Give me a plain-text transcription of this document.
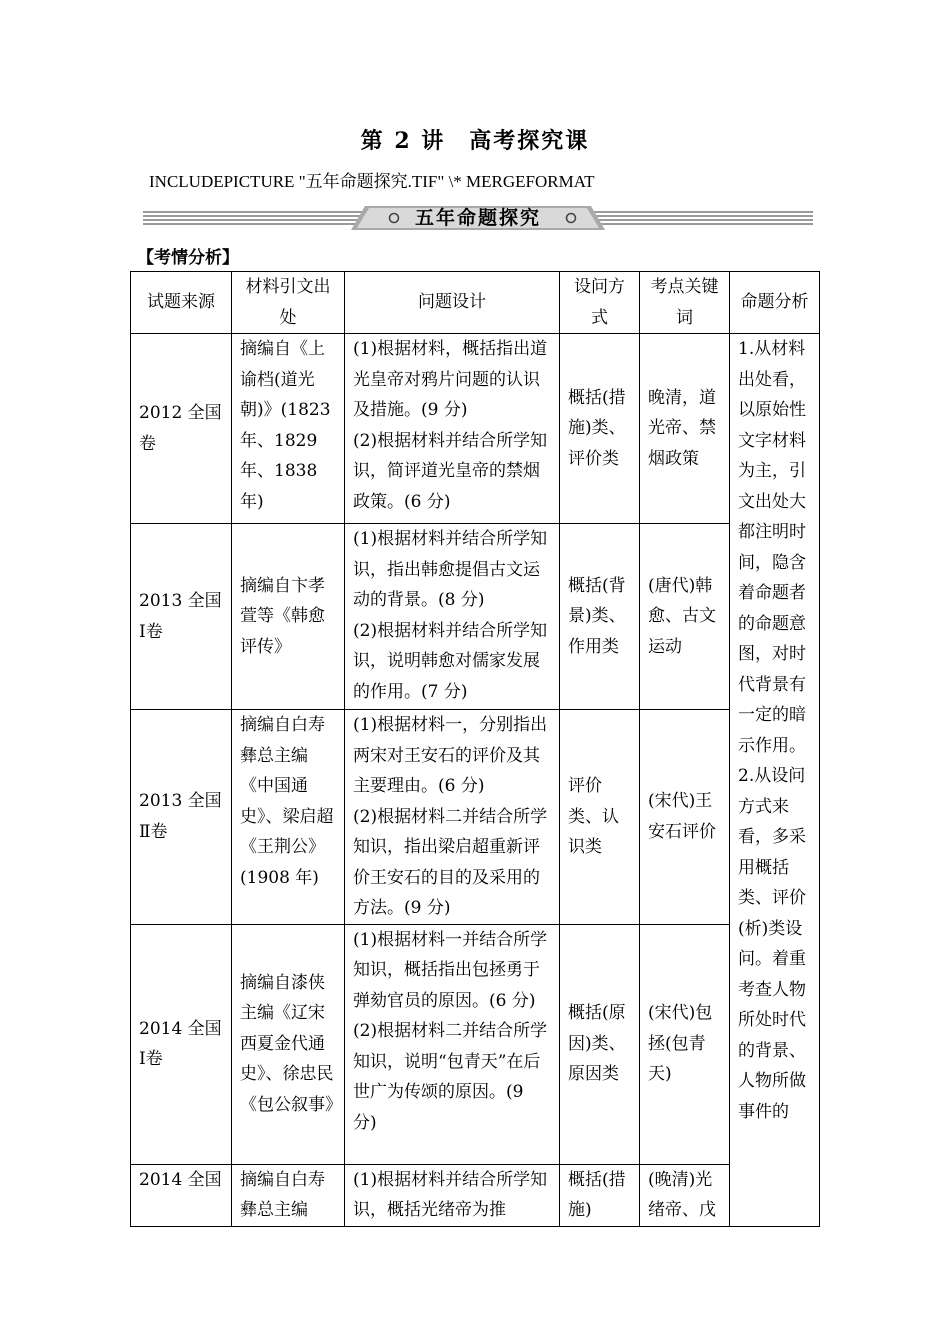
第 2 讲　高考探究课
INCLUDEPICTURE "五年命题探究.TIF" \* MERGEFORMAT
五年命题探究
【考情分析】
试题来源	材料引文出处	问题设计	设问方式	考点关键词	命题分析
2012 全国卷	摘编自《上谕档(道光朝)》(1823 年、1829 年、1838 年)	(1)根据材料，概括指出道光皇帝对鸦片问题的认识及措施。(9 分)
(2)根据材料并结合所学知识，简评道光皇帝的禁烟政策。(6 分)	概括(措施)类、评价类	晚清，道光帝、禁烟政策	1.从材料出处看，以原始性文字材料为主，引文出处大都注明时间，隐含着命题者的命题意图，对时代背景有一定的暗示作用。2.从设问方式来看，多采用概括类、评价(析)类设问。着重考查人物所处时代的背景、人物所做事件的
2013 全国Ⅰ卷	摘编自卞孝萱等《韩愈评传》	(1)根据材料并结合所学知识，指出韩愈提倡古文运动的背景。(8 分)
(2)根据材料并结合所学知识，说明韩愈对儒家发展的作用。(7 分)	概括(背景)类、作用类	(唐代)韩愈、古文运动	
2013 全国Ⅱ卷	摘编自白寿彝总主编《中国通史》、梁启超《王荆公》(1908 年)	(1)根据材料一，分别指出两宋对王安石的评价及其主要理由。(6 分)
(2)根据材料二并结合所学知识，指出梁启超重新评价王安石的目的及采用的方法。(9 分)	评价类、认识类	(宋代)王安石评价	
2014 全国Ⅰ卷	摘编自漆侠主编《辽宋西夏金代通史》、徐忠民《包公叙事》	(1)根据材料一并结合所学知识，概括指出包拯勇于弹劾官员的原因。(6 分)
(2)根据材料二并结合所学知识，说明“包青天”在后世广为传颂的原因。(9 分)	概括(原因)类、原因类	(宋代)包拯(包青天)	
2014 全国	摘编自白寿彝总主编	(1)根据材料并结合所学知识，概括光绪帝为推	概括(措施)	(晚清)光绪帝、戊	
